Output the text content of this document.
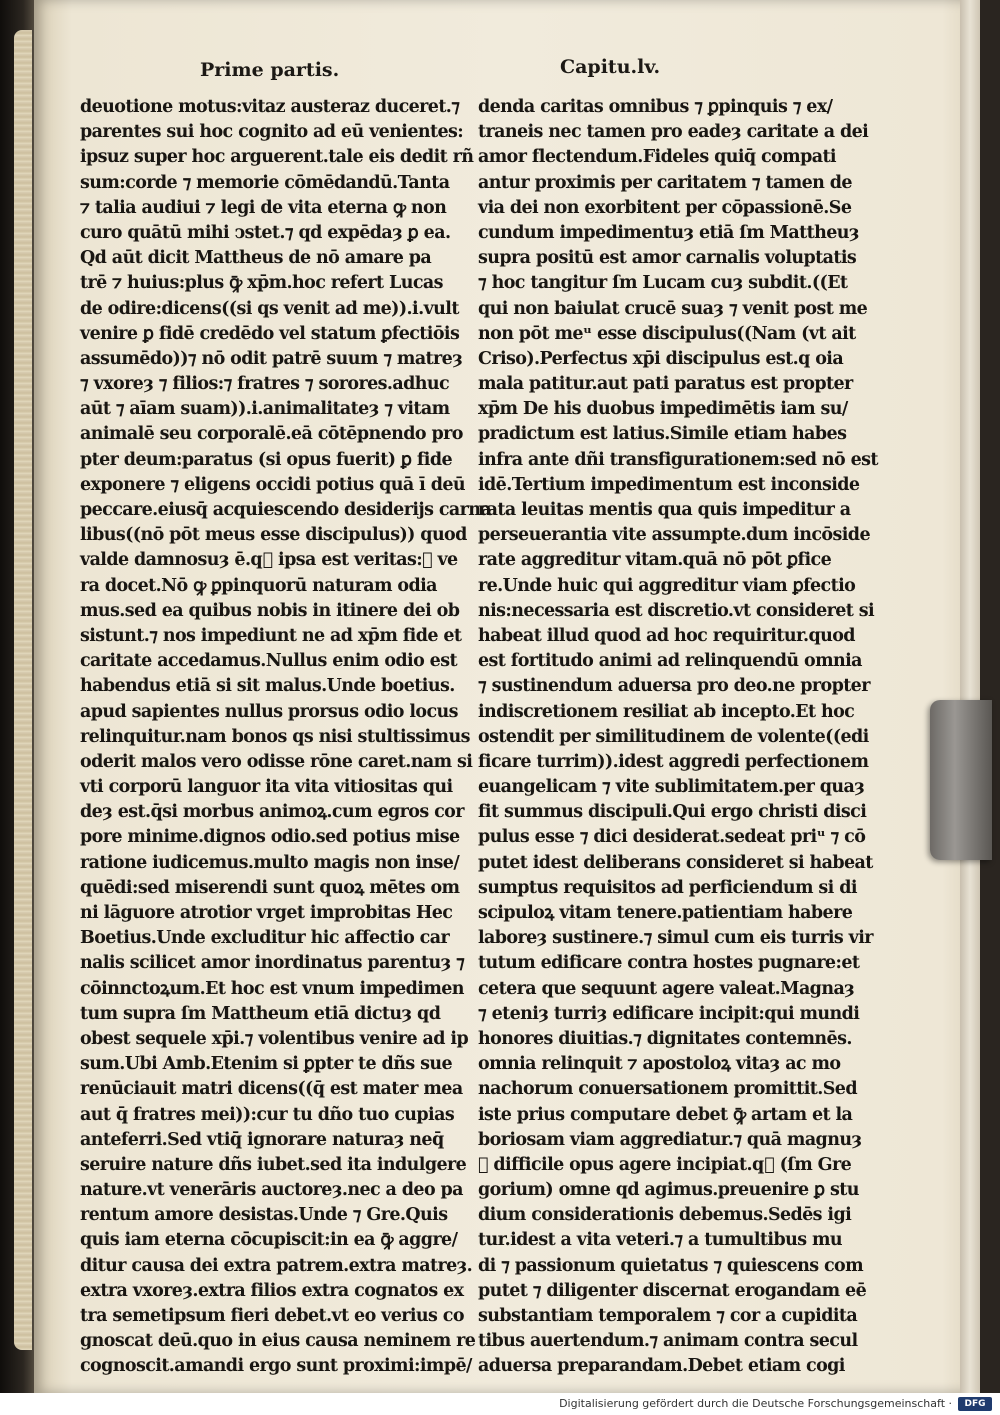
Prime partis.	Capitu.lv.
deuotione motus:vitaz austeraz duceret.⁊
parentes sui hoc cognito ad eū venientes:
ipsuz super hoc arguerent.tale eis dedit rñ
sum:corde ⁊ memorie cōmēdandū.Tanta
⁊ talia audiui ⁊ legi de vita eterna ꝙ non
curo quātū mihi ↄstet.⁊ qd expēdaȝ ꝑ ea.
Qd aūt dicit Mattheus de nō amare pa
trē ⁊ huius:plus ꝙ̄ xp̄m.hoc refert Lucas
de odire:dicens((si qs venit ad me)).i.vult
venire ꝑ fidē credēdo vel statum ꝑfectiōis
assumēdo))⁊ nō odit patrē suum ⁊ matreȝ
⁊ vxoreȝ ⁊ filios:⁊ fratres ⁊ sorores.adhuc
aūt ⁊ aīam suam)).i.animalitateȝ ⁊ vitam
animalē seu corporalē.eā cōtēpnendo pro
pter deum:paratus (si opus fuerit) ꝑ fide
exponere ⁊ eligens occidi potius quā ī deū
peccare.eiusq̄ acquiescendo desiderijs carna
libus((nō pōt meus esse discipulus)) quod
valde damnosuȝ ē.q᷑ ipsa est veritas:⁊ ve
ra docet.Nō ꝙ ꝑpinquorū naturam odia
mus.sed ea quibus nobis in itinere dei ob
sistunt.⁊ nos impediunt ne ad xp̄m fide et
caritate accedamus.Nullus enim odio est
habendus etiā si sit malus.Unde boetius.
apud sapientes nullus prorsus odio locus
relinquitur.nam bonos qs nisi stultissimus
oderit malos vero odisse rōne caret.nam si
vti corporū languor ita vita vitiositas qui
deȝ est.q̄si morbus animoꝝ.cum egros cor
pore minime.dignos odio.sed potius mise
ratione iudicemus.multo magis non inse/
quēdi:sed miserendi sunt quoꝝ mētes om
ni lāguore atrotior vrget improbitas Hec
Boetius.Unde excluditur hic affectio car
nalis scilicet amor inordinatus parentuȝ ⁊
cōinnctoꝝum.Et hoc est vnum impedimen
tum supra ſm Mattheum etiā dictuȝ qd
obest sequele xp̄i.⁊ volentibus venire ad ip
sum.Ubi Amb.Etenim si ꝑpter te dñs sue
renūciauit matri dicens((q̄ est mater mea
aut q̄ fratres mei)):cur tu dño tuo cupias
anteferri.Sed vtiq̄ ignorare naturaȝ neq̄
seruire nature dñs iubet.sed ita indulgere
nature.vt venerāris auctoreȝ.nec a deo pa
rentum amore desistas.Unde ⁊ Gre.Quis
quis iam eterna cōcupiscit:in ea ꝙ̄ aggre/
ditur causa dei extra patrem.extra matreȝ.
extra vxoreȝ.extra filios extra cognatos ex
tra semetipsum fieri debet.vt eo verius co
gnoscat deū.quo in eius causa neminem re
cognoscit.amandi ergo sunt proximi:impē/
denda caritas omnibus ⁊ ꝑpinquis ⁊ ex/
traneis nec tamen pro eadeȝ caritate a dei
amor flectendum.Fideles quiq̄ compati
antur proximis per caritatem ⁊ tamen de
via dei non exorbitent per cōpassionē.Se
cundum impedimentuȝ etiā ſm Mattheuȝ
supra positū est amor carnalis voluptatis
⁊ hoc tangitur ſm Lucam cuȝ subdit.((Et
qui non baiulat crucē suaȝ ⁊ venit post me
non pōt meᵘ esse discipulus((Nam (vt ait
Criso).Perfectus xp̄i discipulus est.q oia
mala patitur.aut pati paratus est propter
xp̄m De his duobus impedimētis iam su/
pradictum est latius.Simile etiam habes
infra ante dñi transfigurationem:sed nō est
idē.Tertium impedimentum est inconside
rata leuitas mentis qua quis impeditur a
perseuerantia vite assumpte.dum incōside
rate aggreditur vitam.quā nō pōt ꝑfice
re.Unde huic qui aggreditur viam ꝑfectio
nis:necessaria est discretio.vt consideret si
habeat illud quod ad hoc requiritur.quod
est fortitudo animi ad relinquendū omnia
⁊ sustinendum aduersa pro deo.ne propter
indiscretionem resiliat ab incepto.Et hoc
ostendit per similitudinem de volente((edi
ficare turrim)).idest aggredi perfectionem
euangelicam ⁊ vite sublimitatem.per quaȝ
fit summus discipuli.Qui ergo christi disci
pulus esse ⁊ dici desiderat.sedeat priᵘ ⁊ cō
putet idest deliberans consideret si habeat
sumptus requisitos ad perficiendum si di
scipuloꝝ vitam tenere.patientiam habere
laboreȝ sustinere.⁊ simul cum eis turris vir
tutum edificare contra hostes pugnare:et
cetera que sequunt agere valeat.Magnaȝ
⁊ eteniȝ turriȝ edificare incipit:qui mundi
honores diuitias.⁊ dignitates contemnēs.
omnia relinquit ⁊ apostoloꝝ vitaȝ ac mo
nachorum conuersationem promittit.Sed
iste prius computare debet ꝙ̄ artam et la
boriosam viam aggrediatur.⁊ quā magnuȝ
⁊ difficile opus agere incipiat.q᷑ (ſm Gre
gorium) omne qd agimus.preuenire ꝑ stu
dium considerationis debemus.Sedēs igi
tur.idest a vita veteri.⁊ a tumultibus mu
di ⁊ passionum quietatus ⁊ quiescens com
putet ⁊ diligenter discernat erogandam eē
substantiam temporalem ⁊ cor a cupidita
tibus auertendum.⁊ animam contra secul
aduersa preparandam.Debet etiam cogi
Digitalisierung gefördert durch die Deutsche Forschungsgemeinschaft ·	DFG
